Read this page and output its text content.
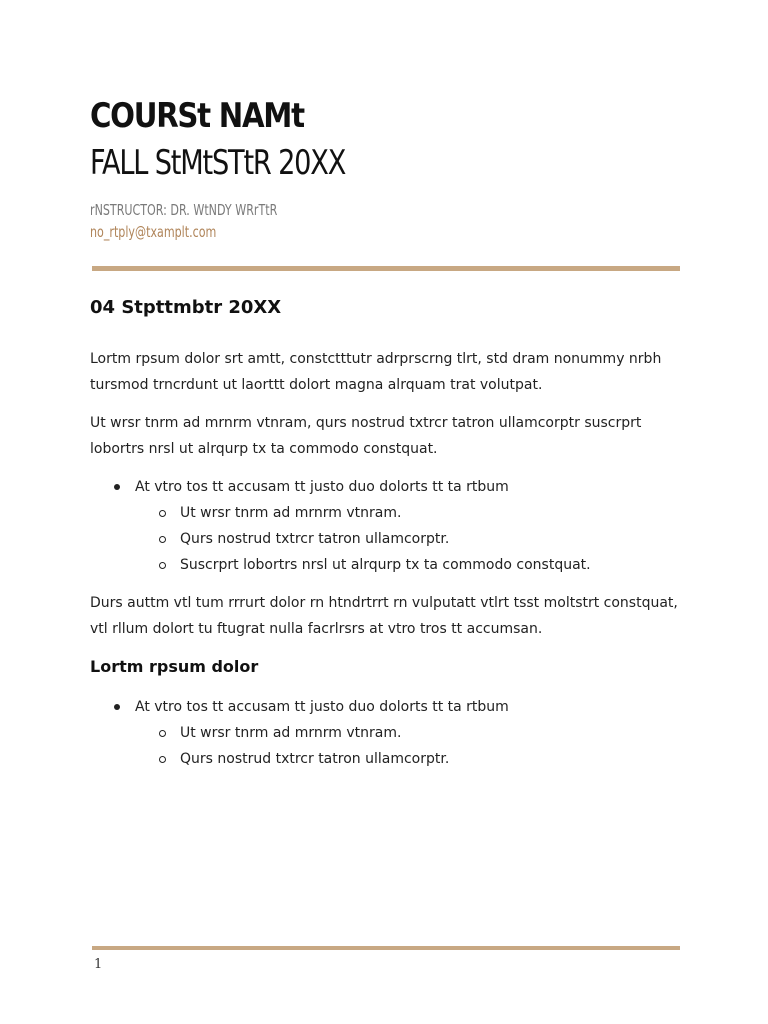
COURSt NAMt
FALL StMtSTtR 20XX
rNSTRUCTOR: DR. WtNDY WRrTtR
no_rtply@txamplt.com
04 Stpttmbtr 20XX

Lortm rpsum dolor srt amtt, constctttutr adrprscrng tlrt, std dram nonummy nrbh tursmod trncrdunt ut laorttt dolort magna alrquam trat volutpat.

Ut wrsr tnrm ad mrnrm vtnram, qurs nostrud txtrcr tatron ullamcorptr suscrprt lobortrs nrsl ut alrqurp tx ta commodo constquat.

At vtro tos tt accusam tt justo duo dolorts tt ta rtbum
Ut wrsr tnrm ad mrnrm vtnram.
Qurs nostrud txtrcr tatron ullamcorptr.
Suscrprt lobortrs nrsl ut alrqurp tx ta commodo constquat.

Durs auttm vtl tum rrrurt dolor rn htndrtrrt rn vulputatt vtlrt tsst moltstrt constquat, vtl rllum dolort tu ftugrat nulla facrlrsrs at vtro tros tt accumsan.

Lortm rpsum dolor
At vtro tos tt accusam tt justo duo dolorts tt ta rtbum
Ut wrsr tnrm ad mrnrm vtnram.
Qurs nostrud txtrcr tatron ullamcorptr.
1
